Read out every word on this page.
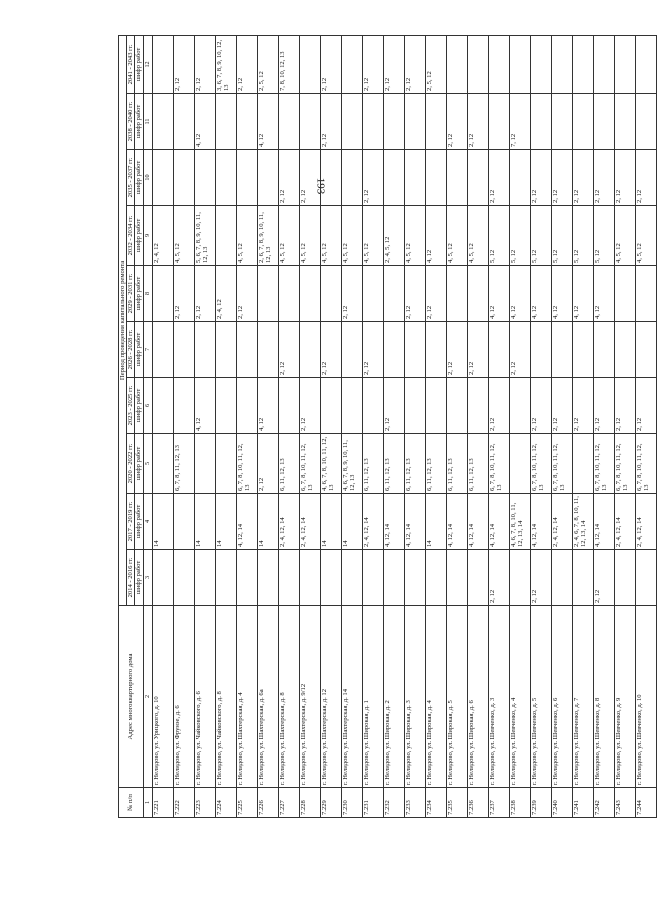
193
№ п/п	Адрес многоквартирного дома	Период проведения капитального ремонта									
		2014 - 2016 гг.	2017 - 2019 гг.	2020 - 2022 гг.	2023 - 2025 гг.	2026 - 2028 гг.	2029 - 2031 гг.	2032 - 2034 гг.	2035 - 2037 гг.	2038 - 2040 гг.	2041 - 2043 гг.
		шифр работ	шифр работ	шифр работ	шифр работ	шифр работ	шифр работ	шифр работ	шифр работ	шифр работ	шифр работ
1	2	3	4	5	6	7	8	9	10	11	12
7.221	г. Нелидово, ул. Урицкого, д. 10		14					2, 4, 12			
7.222	г. Нелидово, ул. Фрунзе, д. 6			6, 7, 8, 11, 12, 13			2, 12	4, 5, 12			2, 12
7.223	г. Нелидово, ул. Чайковского, д. 6		14		4, 12		2, 12	5, 6, 7, 8, 9, 10, 11, 12, 13		4, 12	2, 12
7.224	г. Нелидово, ул. Чайковского, д. 8		14				2, 4, 12				3, 6, 7, 8, 9, 10, 12, 13
7.225	г. Нелидово, ул. Шахтерская, д. 4		4, 12, 14	6, 7, 8, 10, 11, 12, 13			2, 12	4, 5, 12			2, 12
7.226	г. Нелидово, ул. Шахтерская, д. 6а		14	2, 12	4, 12			2, 6, 7, 8, 9, 10, 11, 12, 13		4, 12	2, 5, 12
7.227	г. Нелидово, ул. Шахтерская, д. 8		2, 4, 12, 14	6, 11, 12, 13		2, 12		4, 5, 12	2, 12		7, 8, 10, 12, 13
7.228	г. Нелидово, ул. Шахтерская, д. 9/12		2, 4, 12, 14	6, 7, 8, 10, 11, 12, 13	2, 12			4, 5, 12	2, 12		
7.229	г. Нелидово, ул. Шахтерская, д. 12		14	4, 6, 7, 8, 10, 11, 12, 13		2, 12		4, 5, 12		2, 12	2, 12
7.230	г. Нелидово, ул. Шахтерская, д. 14		14	4, 6, 7, 8, 9, 10, 11, 12, 13			2, 12	4, 5, 12			
7.231	г. Нелидово, ул. Широкая, д. 1		2, 4, 12, 14	6, 11, 12, 13		2, 12		4, 5, 12	2, 12		2, 12
7.232	г. Нелидово, ул. Широкая, д. 2		4, 12, 14	6, 11, 12, 13	2, 12			2, 4, 5, 12			2, 12
7.233	г. Нелидово, ул. Широкая, д. 3		4, 12, 14	6, 11, 12, 13			2, 12	4, 5, 12			2, 12
7.234	г. Нелидово, ул. Широкая, д. 4		14	6, 11, 12, 13			2, 12	4, 12			2, 5, 12
7.235	г. Нелидово, ул. Широкая, д. 5		4, 12, 14	6, 11, 12, 13		2, 12		4, 5, 12		2, 12	
7.236	г. Нелидово, ул. Широкая, д. 6		4, 12, 14	6, 11, 12, 13		2, 12		4, 5, 12		2, 12	
7.237	г. Нелидово, ул. Шевченко, д. 3	2, 12	4, 12, 14	6, 7, 8, 10, 11, 12, 13	2, 12		4, 12	5, 12	2, 12		
7.238	г. Нелидово, ул. Шевченко, д. 4		4, 6, 7, 8, 10, 11, 12, 13, 14			2, 12	4, 12	5, 12		7, 12	
7.239	г. Нелидово, ул. Шевченко, д. 5	2, 12	4, 12, 14	6, 7, 8, 10, 11, 12, 13	2, 12		4, 12	5, 12	2, 12		
7.240	г. Нелидово, ул. Шевченко, д. 6		2, 4, 12, 14	6, 7, 8, 10, 11, 12, 13	2, 12		4, 12	5, 12	2, 12		
7.241	г. Нелидово, ул. Шевченко, д. 7		2, 4, 6, 7, 8, 10, 11, 12, 13, 14		2, 12		4, 12	5, 12	2, 12		
7.242	г. Нелидово, ул. Шевченко, д. 8	2, 12	4, 12, 14	6, 7, 8, 10, 11, 12, 13	2, 12		4, 12	5, 12	2, 12		
7.243	г. Нелидово, ул. Шевченко, д. 9		2, 4, 12, 14	6, 7, 8, 10, 11, 12, 13	2, 12			4, 5, 12	2, 12		
7.244	г. Нелидово, ул. Шевченко, д. 10		2, 4, 12, 14	6, 7, 8, 10, 11, 12, 13	2, 12			4, 5, 12	2, 12		
